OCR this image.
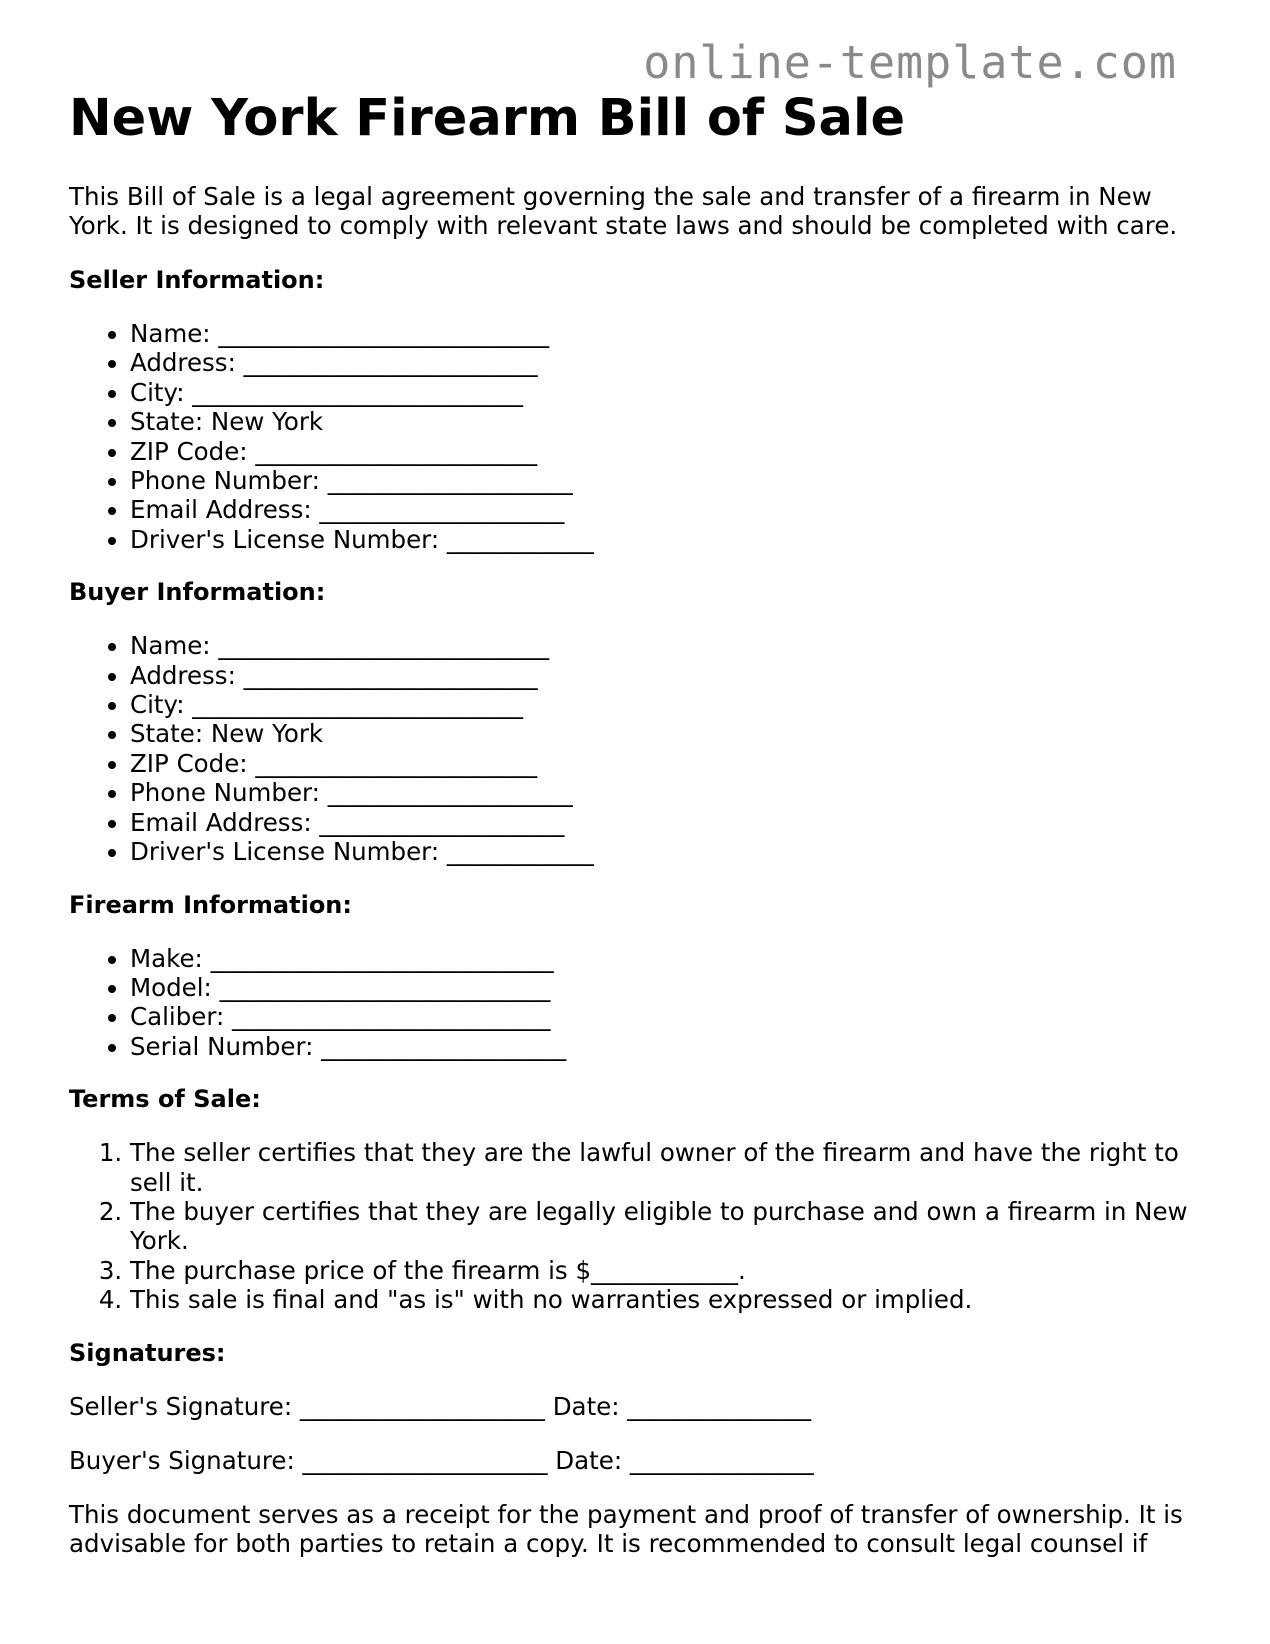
online-template.com
New York Firearm Bill of Sale

This Bill of Sale is a legal agreement governing the sale and transfer of a firearm in New York. It is designed to comply with relevant state laws and should be completed with care.

Seller Information:
• Name: ___________________________
• Address: ________________________
• City: ___________________________
• State: New York
• ZIP Code: _______________________
• Phone Number: ____________________
• Email Address: ____________________
• Driver's License Number: ____________
Buyer Information:
• Name: ___________________________
• Address: ________________________
• City: ___________________________
• State: New York
• ZIP Code: _______________________
• Phone Number: ____________________
• Email Address: ____________________
• Driver's License Number: ____________
Firearm Information:
• Make: ____________________________
• Model: ___________________________
• Caliber: __________________________
• Serial Number: ____________________
Terms of Sale:
1. The seller certifies that they are the lawful owner of the firearm and have the right to sell it.
2. The buyer certifies that they are legally eligible to purchase and own a firearm in New York.
3. The purchase price of the firearm is $____________.
4. This sale is final and "as is" with no warranties expressed or implied.
Signatures:

Seller's Signature: ____________________ Date: _______________

Buyer's Signature: ____________________ Date: _______________

This document serves as a receipt for the payment and proof of transfer of ownership. It is advisable for both parties to retain a copy. It is recommended to consult legal counsel if
